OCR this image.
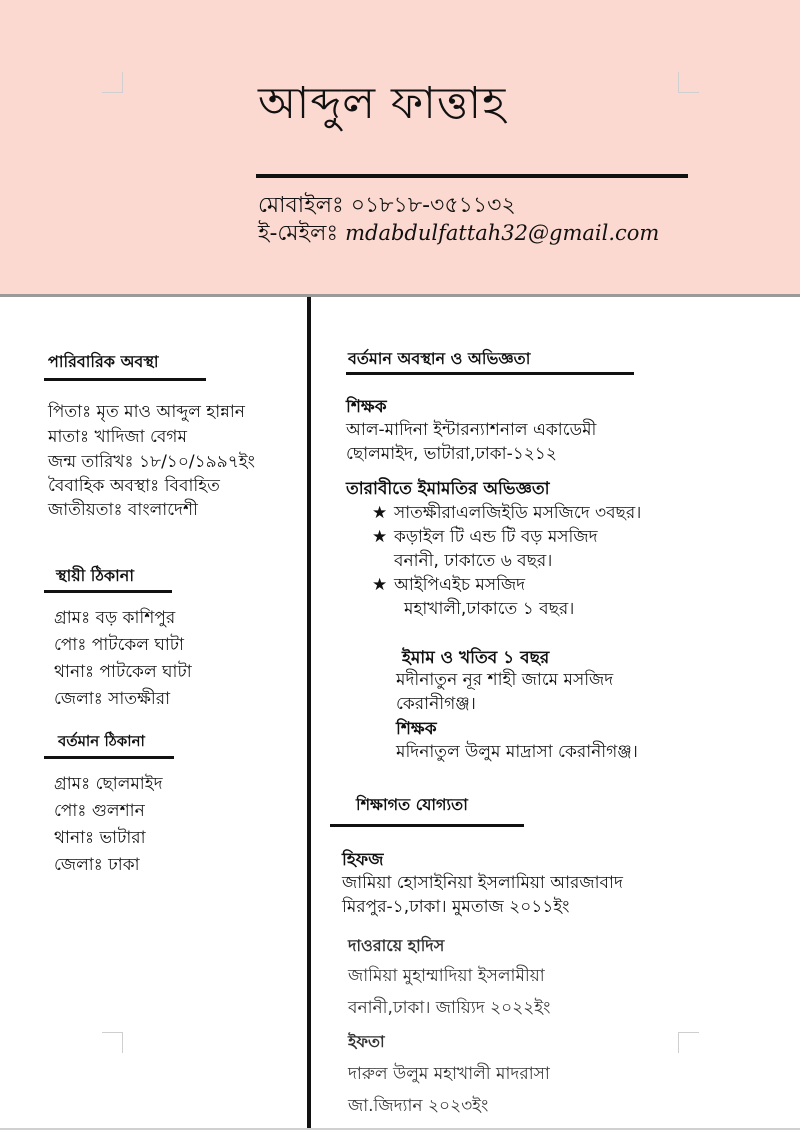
আব্দুল ফাত্তাহ
মোবাইলঃ ০১৮১৮-৩৫১১৩২
ই-মেইলঃ mdabdulfattah32@gmail.com
পারিবারিক অবস্থা
পিতাঃ মৃত মাও আব্দুল হান্নান
মাতাঃ খাদিজা বেগম
জন্ম তারিখঃ ১৮/১০/১৯৯৭ইং
বৈবাহিক অবস্থাঃ বিবাহিত
জাতীয়তাঃ বাংলাদেশী
স্থায়ী ঠিকানা
গ্রামঃ বড় কাশিপুর
পোঃ পাটকেল ঘাটা
থানাঃ পাটকেল ঘাটা
জেলাঃ সাতক্ষীরা
বর্তমান ঠিকানা
গ্রামঃ ছোলমাইদ
পোঃ গুলশান
থানাঃ ভাটারা
জেলাঃ ঢাকা
বর্তমান অবস্থান ও অভিজ্ঞতা
শিক্ষক
আল-মাদিনা ইন্টারন্যাশনাল একাডেমী
ছোলমাইদ, ভাটারা,ঢাকা-১২১২
তারাবীতে ইমামতির অভিজ্ঞতা
★ সাতক্ষীরাএলজিইডি মসজিদে ৩বছর।
★ কড়াইল টি এন্ড টি বড় মসজিদ
বনানী, ঢাকাতে ৬ বছর।
★ আইপিএইচ মসজিদ
মহাখালী,ঢাকাতে ১ বছর।
ইমাম ও খতিব ১ বছর
মদীনাতুন নূর শাহী জামে মসজিদ
কেরানীগঞ্জ।
শিক্ষক
মদিনাতুল উলুম মাদ্রাসা কেরানীগঞ্জ।
শিক্ষাগত যোগ্যতা
হিফজ
জামিয়া হোসাইনিয়া ইসলামিয়া আরজাবাদ
মিরপুর-১,ঢাকা। মুমতাজ ২০১১ইং
দাওরায়ে হাদিস
জামিয়া মুহাম্মাদিয়া ইসলামীয়া
বনানী,ঢাকা। জায়্যিদ ২০২২ইং
ইফতা
দারুল উলুম মহাখালী মাদরাসা
জা.জিদ্যান ২০২৩ইং
